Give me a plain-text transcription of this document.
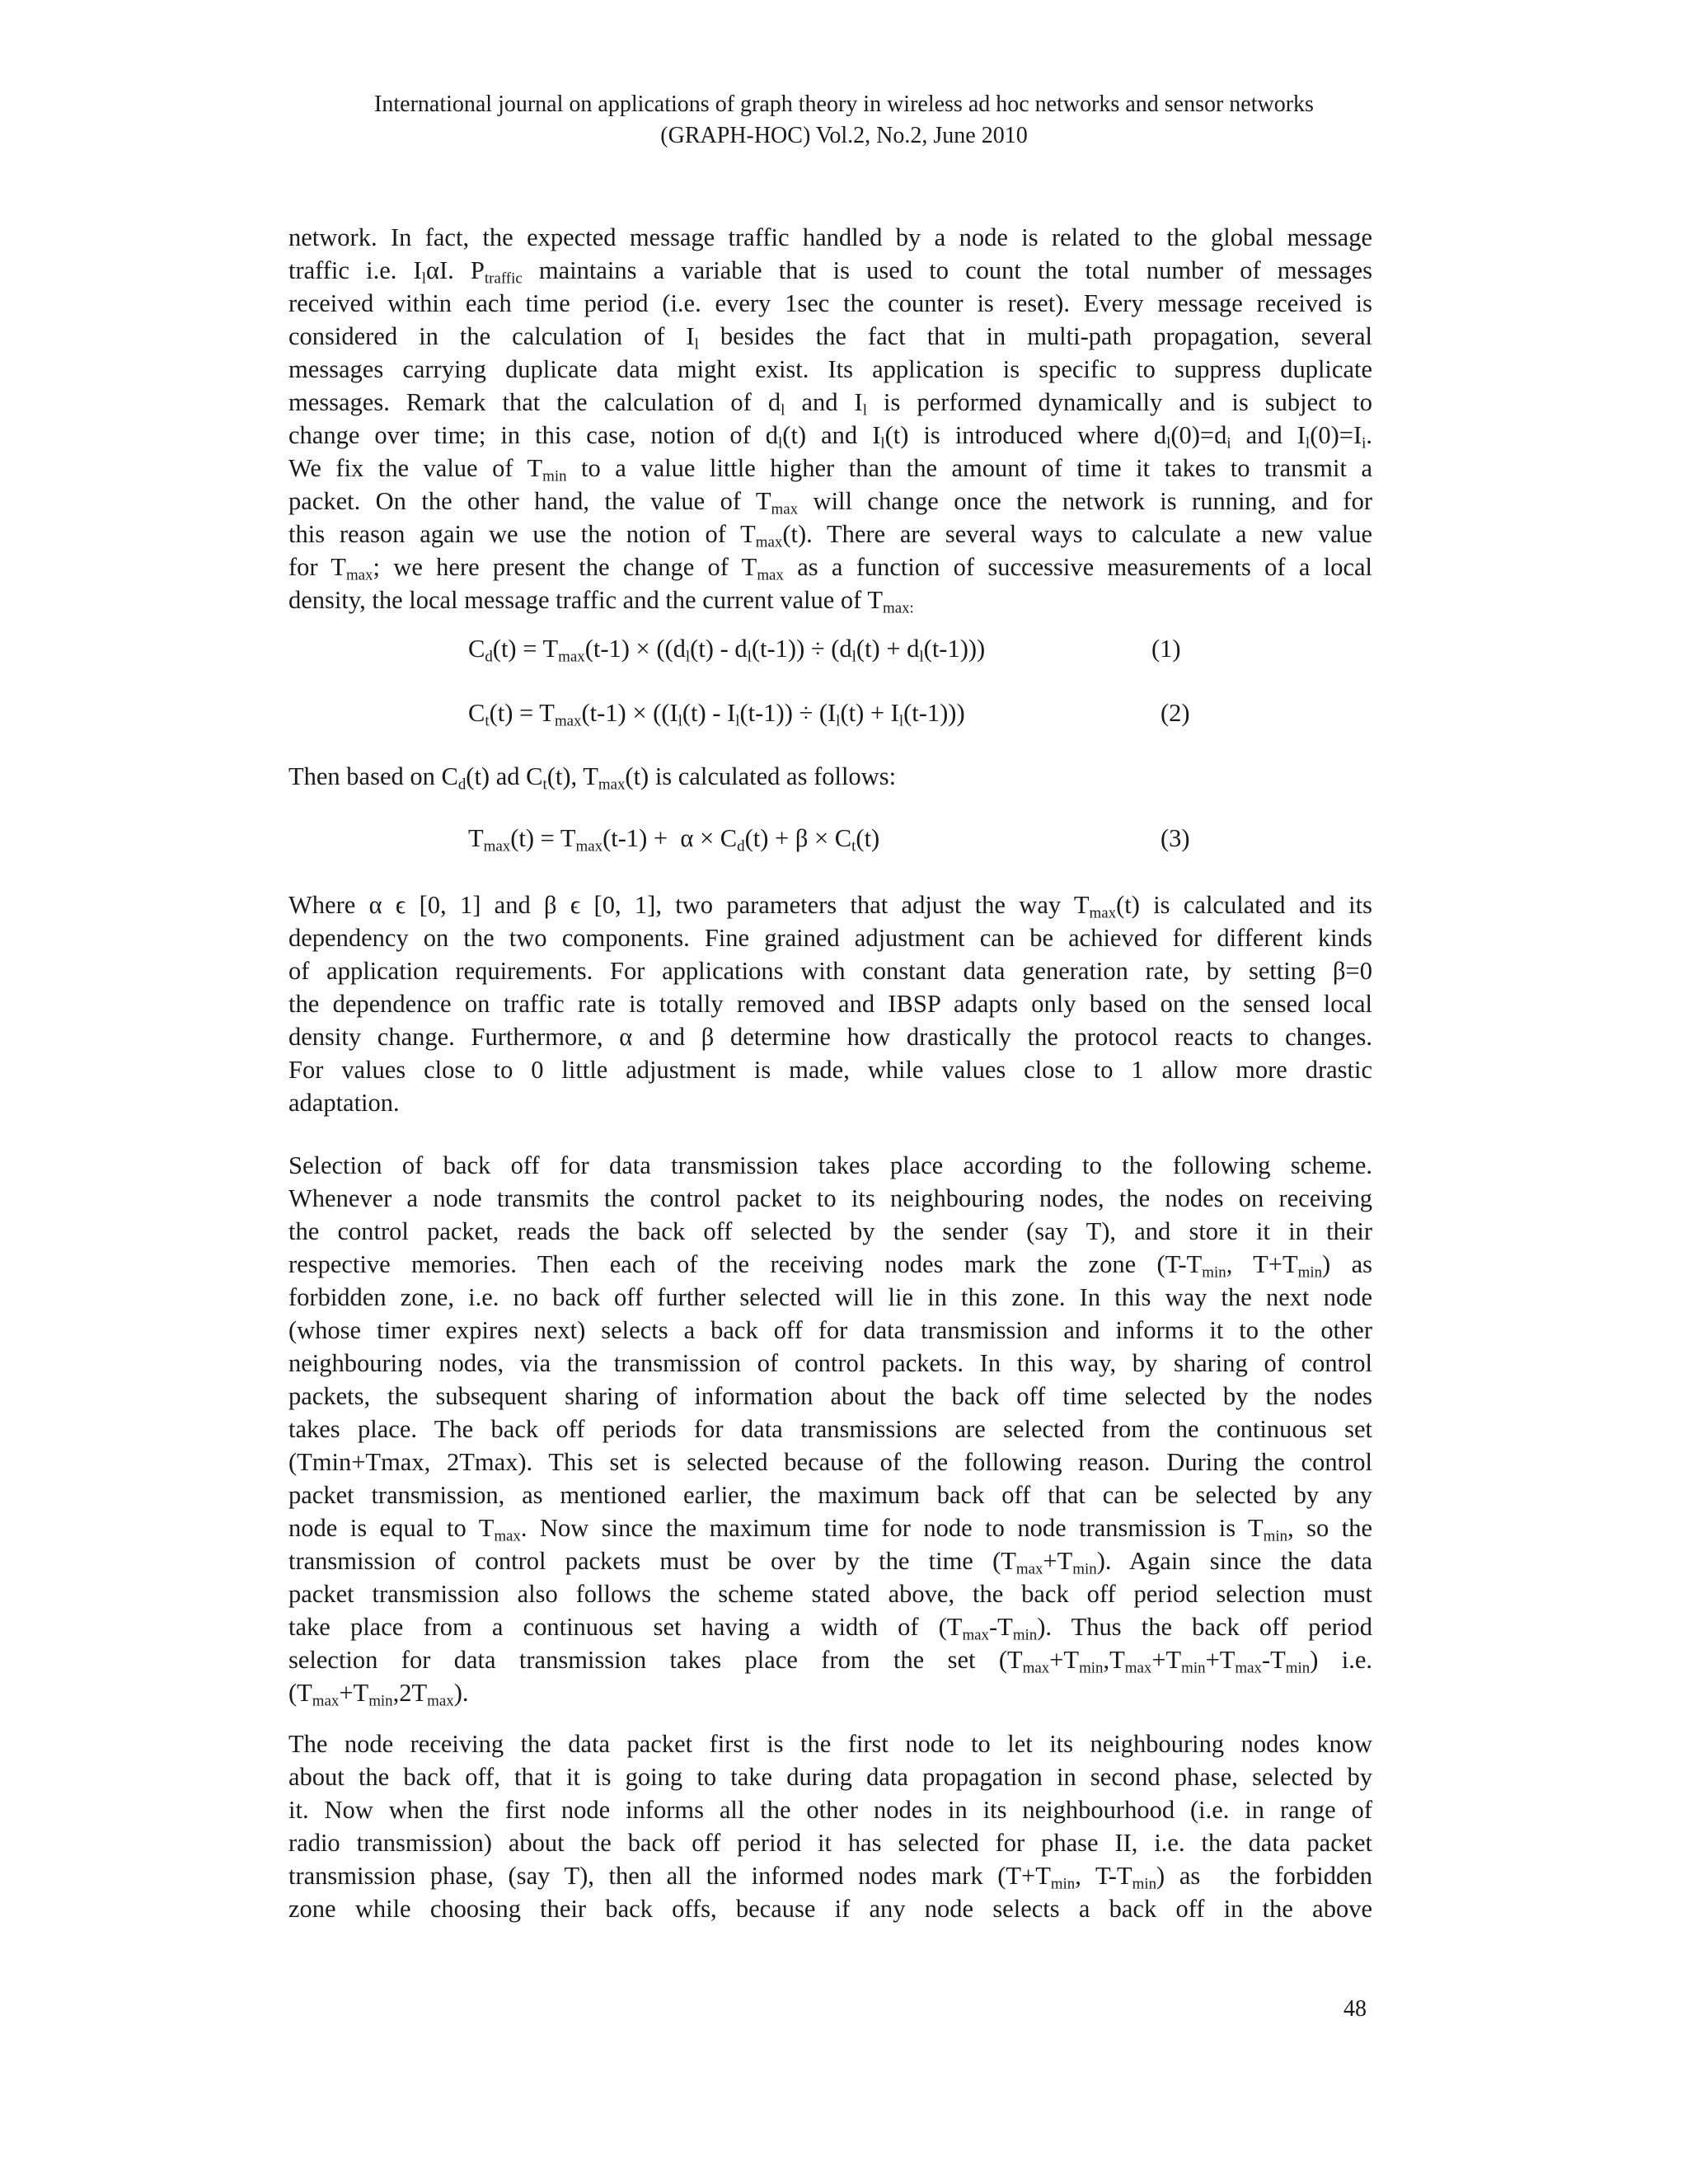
International journal on applications of graph theory in wireless ad hoc networks and sensor networks
(GRAPH-HOC) Vol.2, No.2, June 2010

network. In fact, the expected message traffic handled by a node is related to the global message
traffic i.e. $I_l\alpha I$. $P_{traffic}$ maintains a variable that is used to count the total number of messages
received within each time period (i.e. every 1sec the counter is reset). Every message received is
considered in the calculation of $I_l$ besides the fact that in multi-path propagation, several
messages carrying duplicate data might exist. Its application is specific to suppress duplicate
messages. Remark that the calculation of $d_l$ and $I_l$ is performed dynamically and is subject to
change over time; in this case, notion of $d_l(t)$ and $I_l(t)$ is introduced where $d_l(0)=d_i$ and $I_l(0)=I_i$.
We fix the value of $T_{min}$ to a value little higher than the amount of time it takes to transmit a
packet. On the other hand, the value of $T_{max}$ will change once the network is running, and for
this reason again we use the notion of $T_{max}(t)$. There are several ways to calculate a new value
for $T_{max}$; we here present the change of $T_{max}$ as a function of successive measurements of a local
density, the local message traffic and the current value of $T_{max:}$

$C_d(t) = T_{max}(t-1) \times ((d_l(t) - d_l(t-1)) \div (d_l(t) + d_l(t-1)))$	(1)
$C_t(t) = T_{max}(t-1) \times ((I_l(t) - I_l(t-1)) \div (I_l(t) + I_l(t-1)))$	(2)

Then based on $C_d(t)$ ad $C_t(t)$, $T_{max}(t)$ is calculated as follows:

$T_{max}(t) = T_{max}(t-1) + \alpha \times C_d(t) + \beta \times C_t(t)$	(3)

Where α ϵ [0, 1] and β ϵ [0, 1], two parameters that adjust the way $T_{max}(t)$ is calculated and its
dependency on the two components. Fine grained adjustment can be achieved for different kinds
of application requirements. For applications with constant data generation rate, by setting β=0
the dependence on traffic rate is totally removed and IBSP adapts only based on the sensed local
density change. Furthermore, α and β determine how drastically the protocol reacts to changes.
For values close to 0 little adjustment is made, while values close to 1 allow more drastic
adaptation.

Selection of back off for data transmission takes place according to the following scheme.
Whenever a node transmits the control packet to its neighbouring nodes, the nodes on receiving
the control packet, reads the back off selected by the sender (say T), and store it in their
respective memories. Then each of the receiving nodes mark the zone ($T-T_{min}$, $T+T_{min}$) as
forbidden zone, i.e. no back off further selected will lie in this zone. In this way the next node
(whose timer expires next) selects a back off for data transmission and informs it to the other
neighbouring nodes, via the transmission of control packets. In this way, by sharing of control
packets, the subsequent sharing of information about the back off time selected by the nodes
takes place. The back off periods for data transmissions are selected from the continuous set
(Tmin+Tmax, 2Tmax). This set is selected because of the following reason. During the control
packet transmission, as mentioned earlier, the maximum back off that can be selected by any
node is equal to $T_{max}$. Now since the maximum time for node to node transmission is $T_{min}$, so the
transmission of control packets must be over by the time $(T_{max}+T_{min})$. Again since the data
packet transmission also follows the scheme stated above, the back off period selection must
take place from a continuous set having a width of $(T_{max}-T_{min})$. Thus the back off period
selection for data transmission takes place from the set $(T_{max}+T_{min},T_{max}+T_{min}+T_{max}-T_{min})$ i.e.
$(T_{max}+T_{min},2T_{max})$.

The node receiving the data packet first is the first node to let its neighbouring nodes know
about the back off, that it is going to take during data propagation in second phase, selected by
it. Now when the first node informs all the other nodes in its neighbourhood (i.e. in range of
radio transmission) about the back off period it has selected for phase II, i.e. the data packet
transmission phase, (say T), then all the informed nodes mark ($T+T_{min}$, $T-T_{min}$) as  the forbidden
zone while choosing their back offs, because if any node selects a back off in the above

48
